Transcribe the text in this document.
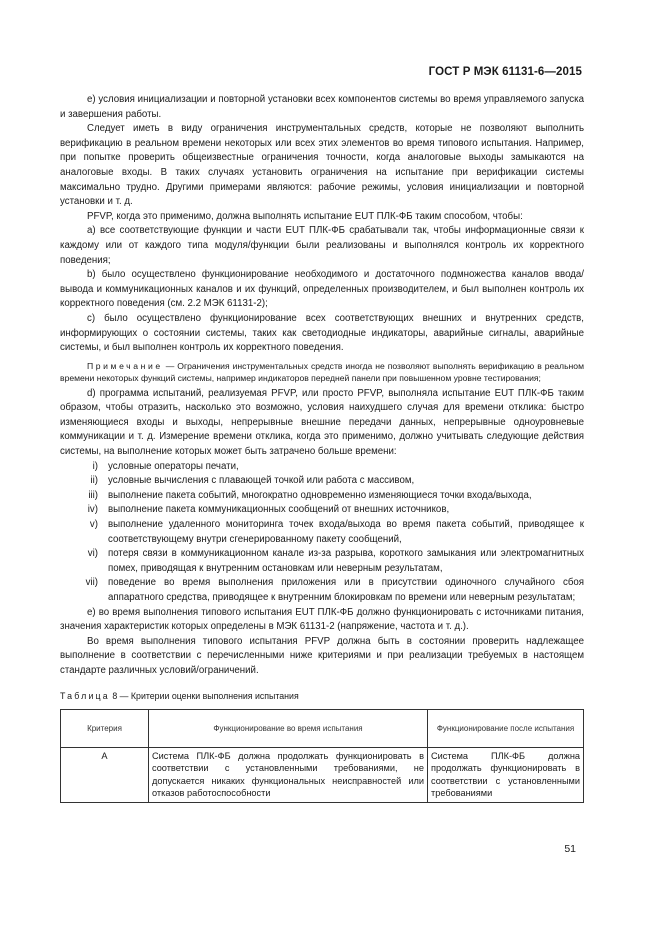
ГОСТ Р МЭК 61131-6—2015

e) условия инициализации и повторной установки всех компонентов системы во время управляемого запуска и завершения работы.

Следует иметь в виду ограничения инструментальных средств, которые не позволяют выполнить верификацию в реальном времени некоторых или всех этих элементов во время типового испытания. Например, при попытке проверить общеизвестные ограничения точности, когда аналоговые выходы замыкаются на аналоговые входы. В таких случаях установить ограничения на испытание при верификации системы максимально трудно. Другими примерами являются: рабочие режимы, условия инициализации и повторной установки и т. д.

PFVP, когда это применимо, должна выполнять испытание EUT ПЛК-ФБ таким способом, чтобы:

a) все соответствующие функции и части EUT ПЛК-ФБ срабатывали так, чтобы информационные связи к каждому или от каждого типа модуля/функции были реализованы и выполнялся контроль их корректного поведения;

b) было осуществлено функционирование необходимого и достаточного подмножества каналов ввода/вывода и коммуникационных каналов и их функций, определенных производителем, и был выполнен контроль их корректного поведения (см. 2.2 МЭК 61131-2);

c) было осуществлено функционирование всех соответствующих внешних и внутренних средств, информирующих о состоянии системы, таких как светодиодные индикаторы, аварийные сигналы, аварийные системы, и был выполнен контроль их корректного поведения.

Примечание — Ограничения инструментальных средств иногда не позволяют выполнять верификацию в реальном времени некоторых функций системы, например индикаторов передней панели при повышенном уровне тестирования;

d) программа испытаний, реализуемая PFVP, или просто PFVP, выполняла испытание EUT ПЛК-ФБ таким образом, чтобы отразить, насколько это возможно, условия наихудшего случая для времени отклика: быстро изменяющиеся входы и выходы, непрерывные внешние передачи данных, непрерывные одноуровневые коммуникации и т. д. Измерение времени отклика, когда это применимо, должно учитывать следующие действия системы, на выполнение которых может быть затрачено больше времени:

i)	условные операторы печати,
ii)	условные вычисления с плавающей точкой или работа с массивом,
iii)	выполнение пакета событий, многократно одновременно изменяющиеся точки входа/выхода,
iv)	выполнение пакета коммуникационных сообщений от внешних источников,
v)	выполнение удаленного мониторинга точек входа/выхода во время пакета событий, приводящее к соответствующему внутри сгенерированному пакету сообщений,
vi)	потеря связи в коммуникационном канале из-за разрыва, короткого замыкания или электромагнитных помех, приводящая к внутренним остановкам или неверным результатам,
vii)	поведение во время выполнения приложения или в присутствии одиночного случайного сбоя аппаратного средства, приводящее к внутренним блокировкам по времени или неверным результатам;

e) во время выполнения типового испытания EUT ПЛК-ФБ должно функционировать с источниками питания, значения характеристик которых определены в МЭК 61131-2 (напряжение, частота и т. д.).

Во время выполнения типового испытания PFVP должна быть в состоянии проверить надлежащее выполнение в соответствии с перечисленными ниже критериями и при реализации требуемых в настоящем стандарте различных условий/ограничений.

Таблица 8 — Критерии оценки выполнения испытания
Критерия	Функционирование во время испытания	Функционирование после испытания
А	Система ПЛК-ФБ должна продолжать функционировать в соответствии с установленными требованиями, не допускается никаких функциональных неисправностей или отказов работоспособности	Система ПЛК-ФБ должна продолжать функционировать в соответствии с установленными требованиями
51
